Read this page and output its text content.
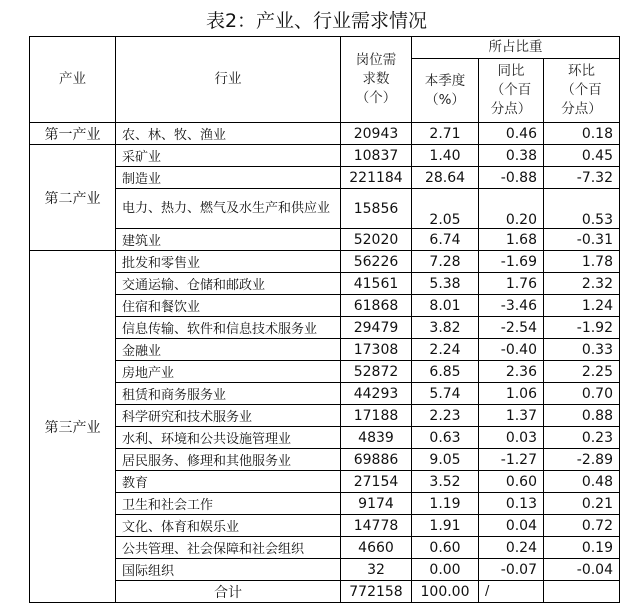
表2：产业、行业需求情况
产业	行业	岗位需求数（个）	所占比重		
			本季度（%）	同比（个百分点）	环比（个百分点）
第一产业	农、林、牧、渔业	20943	2.71	0.46	0.18
第二产业	采矿业	10837	1.40	0.38	0.45
	制造业	221184	28.64	-0.88	-7.32
	电力、热力、燃气及水生产和供应业	15856	2.05	0.20	0.53
	建筑业	52020	6.74	1.68	-0.31
第三产业	批发和零售业	56226	7.28	-1.69	1.78
	交通运输、仓储和邮政业	41561	5.38	1.76	2.32
	住宿和餐饮业	61868	8.01	-3.46	1.24
	信息传输、软件和信息技术服务业	29479	3.82	-2.54	-1.92
	金融业	17308	2.24	-0.40	0.33
	房地产业	52872	6.85	2.36	2.25
	租赁和商务服务业	44293	5.74	1.06	0.70
	科学研究和技术服务业	17188	2.23	1.37	0.88
	水利、环境和公共设施管理业	4839	0.63	0.03	0.23
	居民服务、修理和其他服务业	69886	9.05	-1.27	-2.89
	教育	27154	3.52	0.60	0.48
	卫生和社会工作	9174	1.19	0.13	0.21
	文化、体育和娱乐业	14778	1.91	0.04	0.72
	公共管理、社会保障和社会组织	4660	0.60	0.24	0.19
	国际组织	32	0.00	-0.07	-0.04
	合计	772158	100.00	/	
